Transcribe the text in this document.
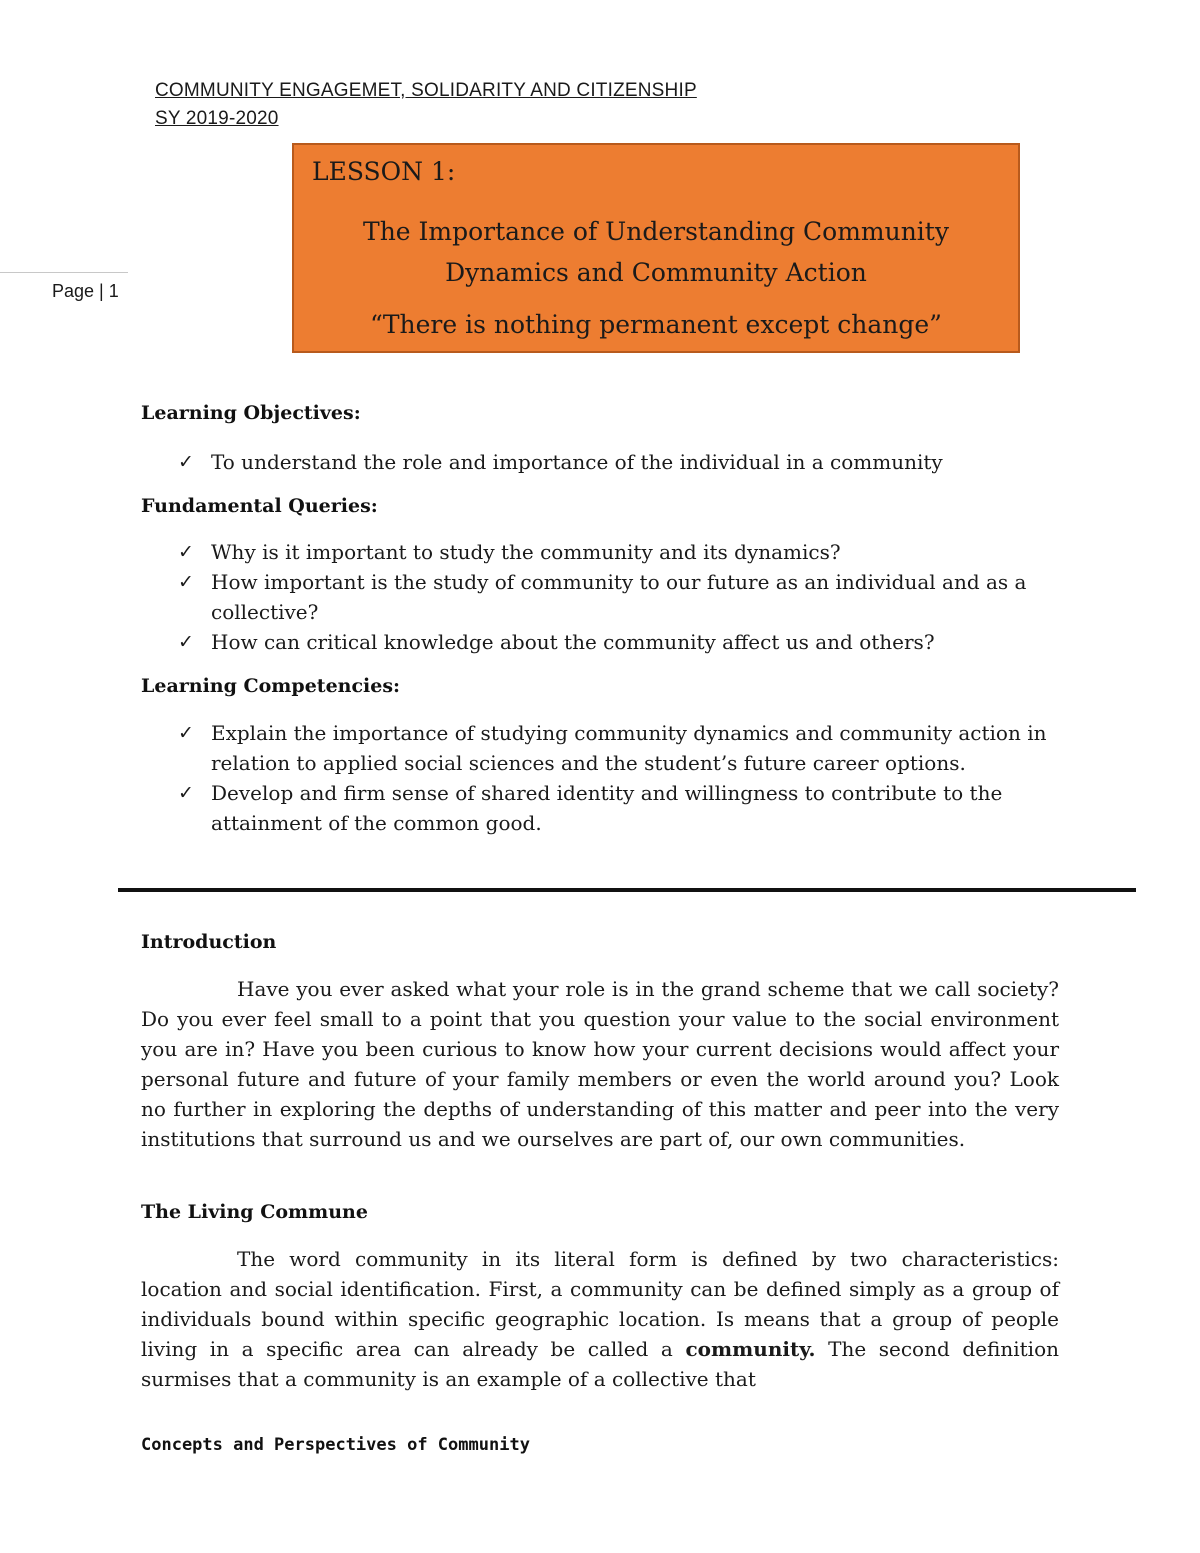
COMMUNITY ENGAGEMET, SOLIDARITY AND CITIZENSHIP
SY 2019-2020
Page | 1
LESSON 1:
The Importance of Understanding Community
Dynamics and Community Action
“There is nothing permanent except change”
Learning Objectives:
✓ To understand the role and importance of the individual in a community
Fundamental Queries:
✓ Why is it important to study the community and its dynamics?
✓ How important is the study of community to our future as an individual and as a collective?
✓ How can critical knowledge about the community affect us and others?
Learning Competencies:
✓ Explain the importance of studying community dynamics and community action in relation to applied social sciences and the student’s future career options.
✓ Develop and firm sense of shared identity and willingness to contribute to the attainment of the common good.
Introduction

Have you ever asked what your role is in the grand scheme that we call society? Do you ever feel small to a point that you question your value to the social environment you are in? Have you been curious to know how your current decisions would affect your personal future and future of your family members or even the world around you? Look no further in exploring the depths of understanding of this matter and peer into the very institutions that surround us and we ourselves are part of, our own communities.

The Living Commune

The word community in its literal form is defined by two characteristics: location and social identification. First, a community can be defined simply as a group of individuals bound within specific geographic location. Is means that a group of people living in a specific area can already be called a community. The second definition surmises that a community is an example of a collective that

Concepts and Perspectives of Community
